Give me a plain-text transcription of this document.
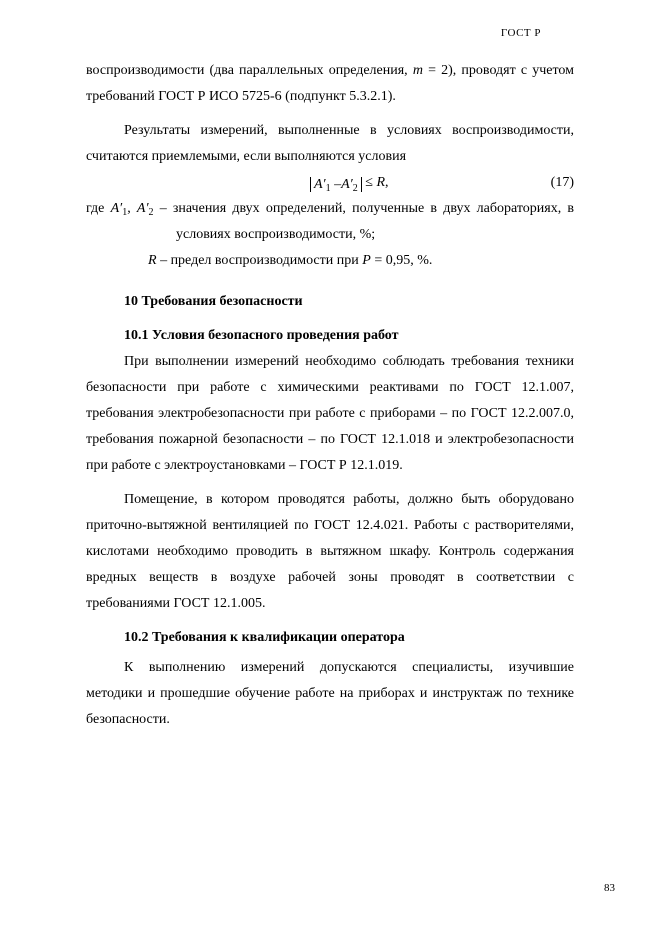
ГОСТ Р

воспроизводимости (два параллельных определения, m = 2), проводят с учетом

требований ГОСТ Р ИСО 5725-6 (подпункт 5.3.2.1).

Результаты измерений, выполненные в условиях воспроизводимости, считаются приемлемыми, если выполняются условия

$A'_1$ $-A'_2 \le R$,	(17)

где $A'_1$, $A'_2$ – значения двух определений, полученные в двух лабораториях, в

условиях воспроизводимости, %;
R – предел воспроизводимости при P = 0,95, %.
10 Требования безопасности
10.1 Условия безопасного проведения работ

При выполнении измерений необходимо соблюдать требования техники безопасности при работе с химическими реактивами по ГОСТ 12.1.007, требования электробезопасности при работе с приборами – по ГОСТ 12.2.007.0, требования пожарной безопасности – по ГОСТ 12.1.018 и электробезопасности при работе с электроустановками – ГОСТ Р 12.1.019.

Помещение, в котором проводятся работы, должно быть оборудовано приточно-вытяжной вентиляцией по ГОСТ 12.4.021. Работы с растворителями, кислотами необходимо проводить в вытяжном шкафу. Контроль содержания вредных веществ в воздухе рабочей зоны проводят в соответствии с требованиями ГОСТ 12.1.005.

10.2 Требования к квалификации оператора

К выполнению измерений допускаются специалисты, изучившие методики и прошедшие обучение работе на приборах и инструктаж по технике безопасности.

83
